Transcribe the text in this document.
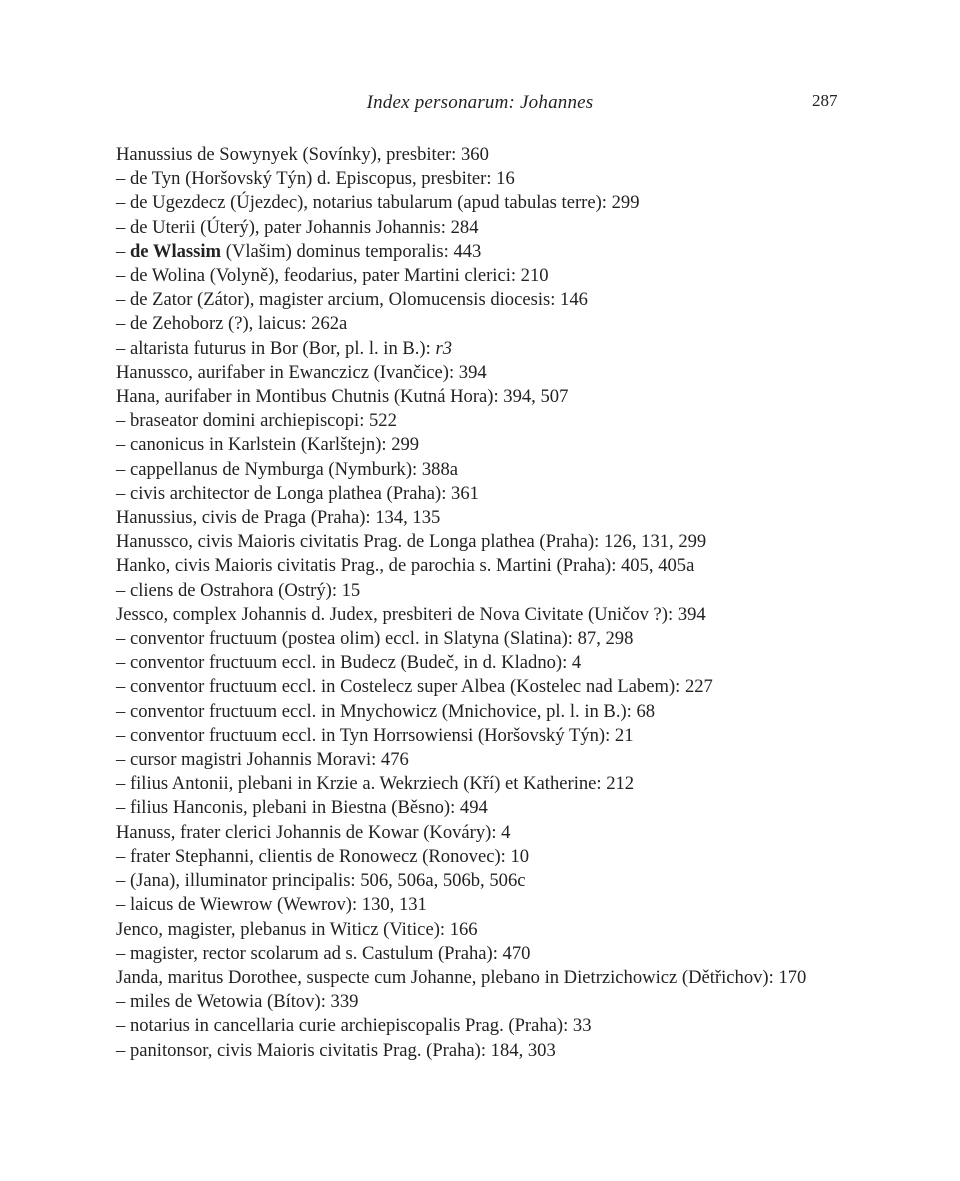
Index personarum: Johannes	287
Hanussius de Sowynyek (Sovínky), presbiter: 360
– de Tyn (Horšovský Týn) d. Episcopus, presbiter: 16
– de Ugezdecz (Újezdec), notarius tabularum (apud tabulas terre): 299
– de Uterii (Úterý), pater Johannis Johannis: 284
– de Wlassim (Vlašim) dominus temporalis: 443
– de Wolina (Volyně), feodarius, pater Martini clerici: 210
– de Zator (Zátor), magister arcium, Olomucensis diocesis: 146
– de Zehoborz (?), laicus: 262a
– altarista futurus in Bor (Bor, pl. l. in B.): r3
Hanussco, aurifaber in Ewanczicz (Ivančice): 394
Hana, aurifaber in Montibus Chutnis (Kutná Hora): 394, 507
– braseator domini archiepiscopi: 522
– canonicus in Karlstein (Karlštejn): 299
– cappellanus de Nymburga (Nymburk): 388a
– civis architector de Longa plathea (Praha): 361
Hanussius, civis de Praga (Praha): 134, 135
Hanussco, civis Maioris civitatis Prag. de Longa plathea (Praha): 126, 131, 299
Hanko, civis Maioris civitatis Prag., de parochia s. Martini (Praha): 405, 405a
– cliens de Ostrahora (Ostrý): 15
Jessco, complex Johannis d. Judex, presbiteri de Nova Civitate (Uničov ?): 394
– conventor fructuum (postea olim) eccl. in Slatyna (Slatina): 87, 298
– conventor fructuum eccl. in Budecz (Budeč, in d. Kladno): 4
– conventor fructuum eccl. in Costelecz super Albea (Kostelec nad Labem): 227
– conventor fructuum eccl. in Mnychowicz (Mnichovice, pl. l. in B.): 68
– conventor fructuum eccl. in Tyn Horrsowiensi (Horšovský Týn): 21
– cursor magistri Johannis Moravi: 476
– filius Antonii, plebani in Krzie a. Wekrziech (Kří) et Katherine: 212
– filius Hanconis, plebani in Biestna (Běsno): 494
Hanuss, frater clerici Johannis de Kowar (Kováry): 4
– frater Stephanni, clientis de Ronowecz (Ronovec): 10
– (Jana), illuminator principalis: 506, 506a, 506b, 506c
– laicus de Wiewrow (Wewrov): 130, 131
Jenco, magister, plebanus in Witicz (Vitice): 166
– magister, rector scolarum ad s. Castulum (Praha): 470
Janda, maritus Dorothee, suspecte cum Johanne, plebano in Dietrzichowicz (Dětřichov): 170
– miles de Wetowia (Bítov): 339
– notarius in cancellaria curie archiepiscopalis Prag. (Praha): 33
– panitonsor, civis Maioris civitatis Prag. (Praha): 184, 303
